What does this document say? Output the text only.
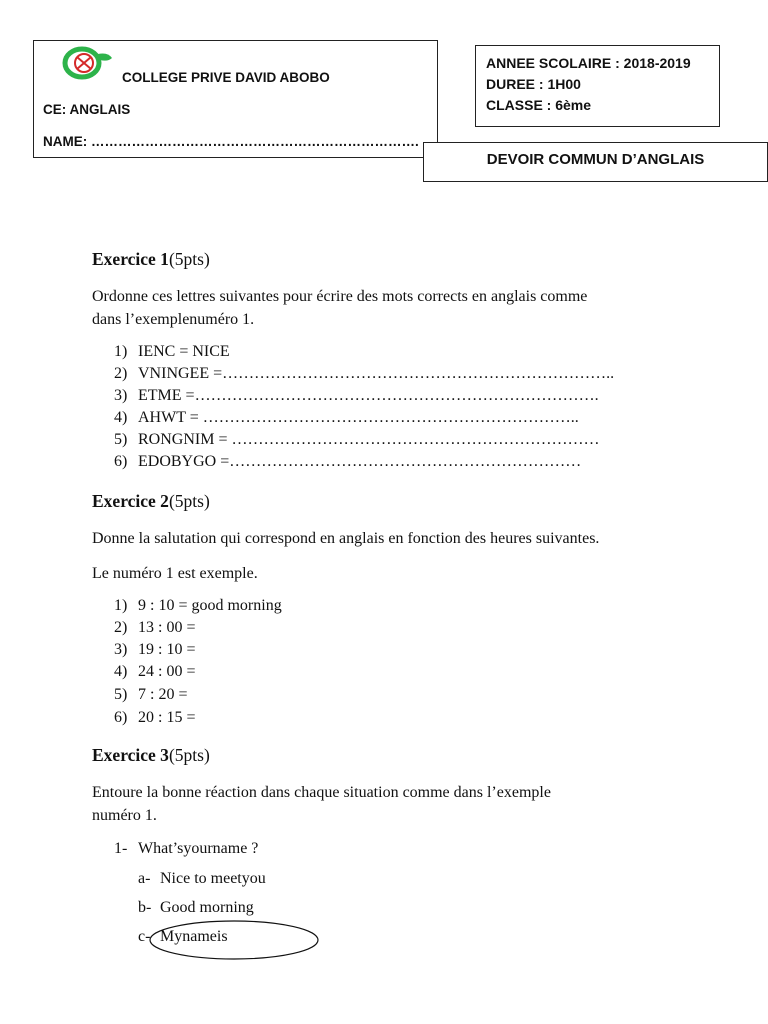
COLLEGE PRIVE DAVID ABOBO
CE: ANGLAIS
NAME: ……………………………………………………………….
ANNEE SCOLAIRE : 2018-2019
DUREE : 1H00
CLASSE : 6ème
DEVOIR COMMUN D’ANGLAIS
Exercice 1(5pts)

Ordonne ces lettres suivantes pour écrire des mots corrects en anglais comme

dans l’exemplenuméro 1.

1) IENC = NICE
2) VNINGEE =………………………………………………………………..
3) ETME =………………………………………………………………….
4) AHWT = ……………………………………………………………..
5) RONGNIM = ……………………………………………………………
6) EDOBYGO =…………………………………………………………
Exercice 2(5pts)

Donne la salutation qui correspond en anglais en fonction des heures suivantes.

Le numéro 1 est exemple.

1) 9 : 10 = good morning
2) 13 : 00 =
3) 19 : 10 =
4) 24 : 00 =
5) 7 : 20 =
6) 20 : 15 =
Exercice 3(5pts)

Entoure la bonne réaction dans chaque situation comme dans l’exemple

numéro 1.

1- What’syourname ?
a- Nice to meetyou
b- Good morning
c- Mynameis
